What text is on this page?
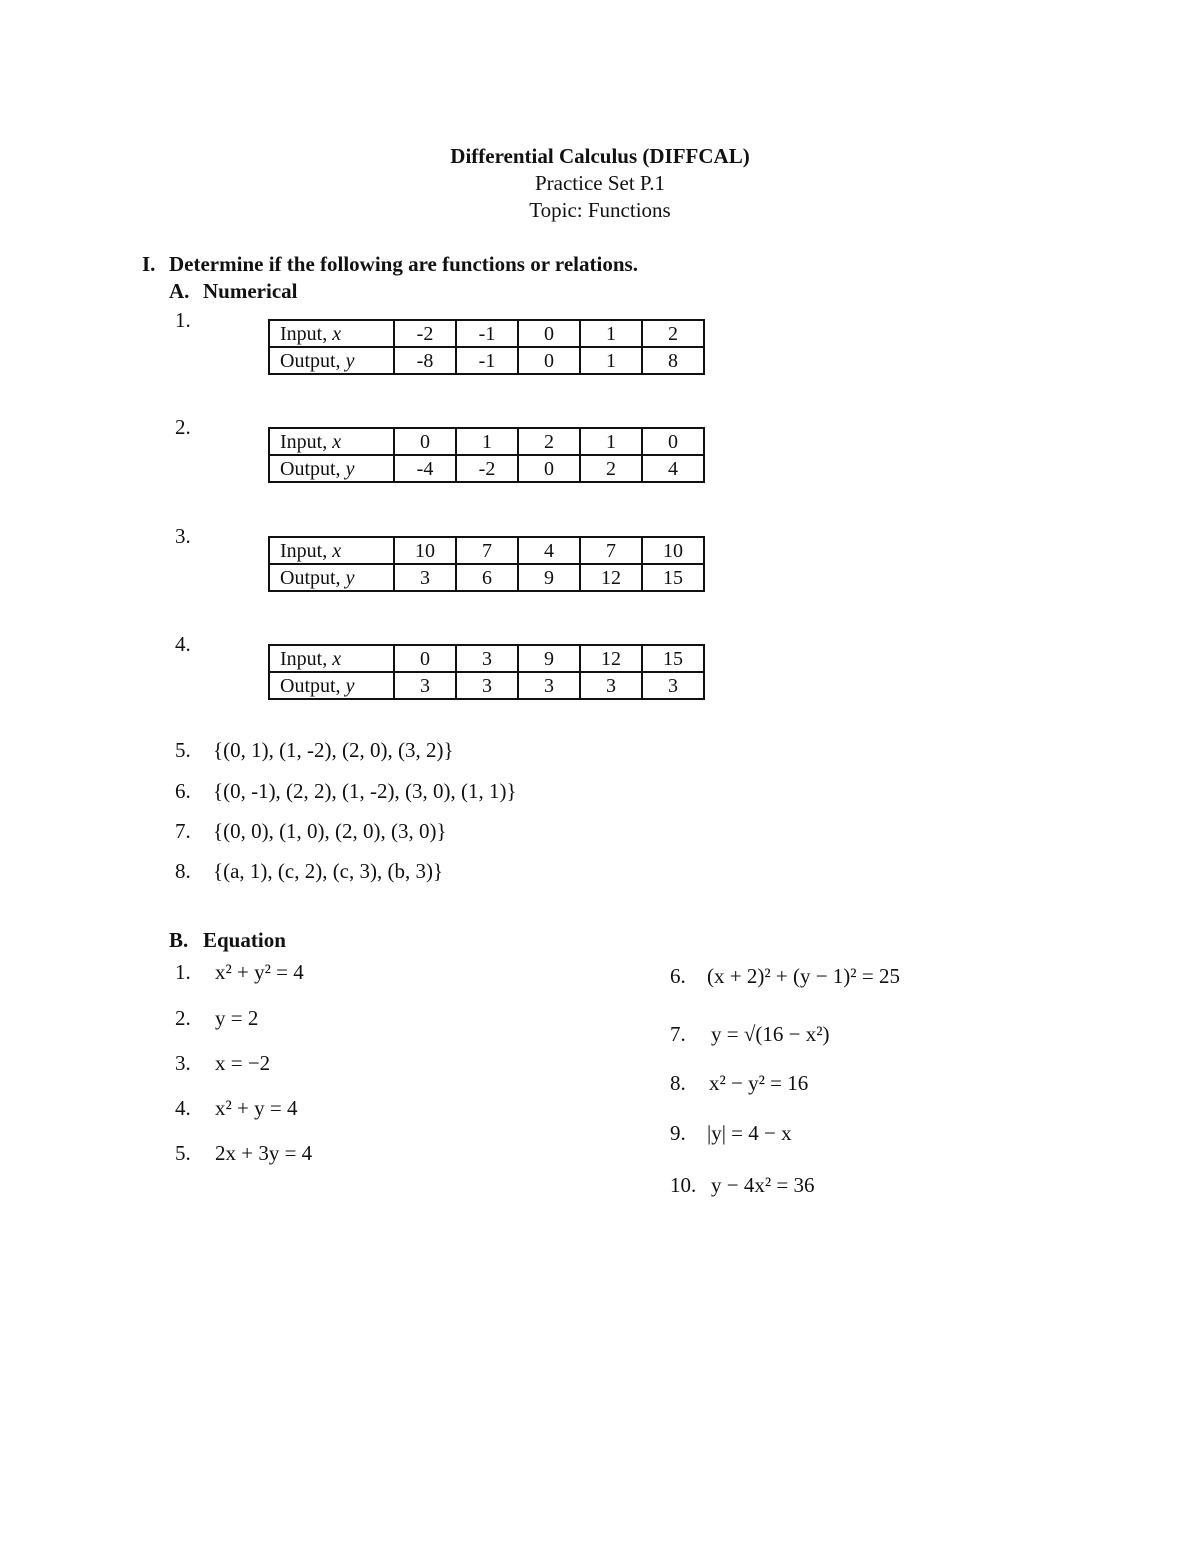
Differential Calculus (DIFFCAL)
Practice Set P.1
Topic: Functions
I. Determine if the following are functions or relations.
A. Numerical
1.
Input, x	-2	-1	0	1	2
Output, y	-8	-1	0	1	8
2.
Input, x	0	1	2	1	0
Output, y	-4	-2	0	2	4
3.
Input, x	10	7	4	7	10
Output, y	3	6	9	12	15
4.
Input, x	0	3	9	12	15
Output, y	3	3	3	3	3
5. {(0, 1), (1, -2), (2, 0), (3, 2)}
6. {(0, -1), (2, 2), (1, -2), (3, 0), (1, 1)}
7. {(0, 0), (1, 0), (2, 0), (3, 0)}
8. {(a, 1), (c, 2), (c, 3), (b, 3)}
B. Equation
1. x² + y² = 4
2. y = 2
3. x = −2
4. x² + y = 4
5. 2x + 3y = 4
6. (x + 2)² + (y − 1)² = 25
7. y = √(16 − x²)
8. x² − y² = 16
9. |y| = 4 − x
10. y − 4x² = 36
